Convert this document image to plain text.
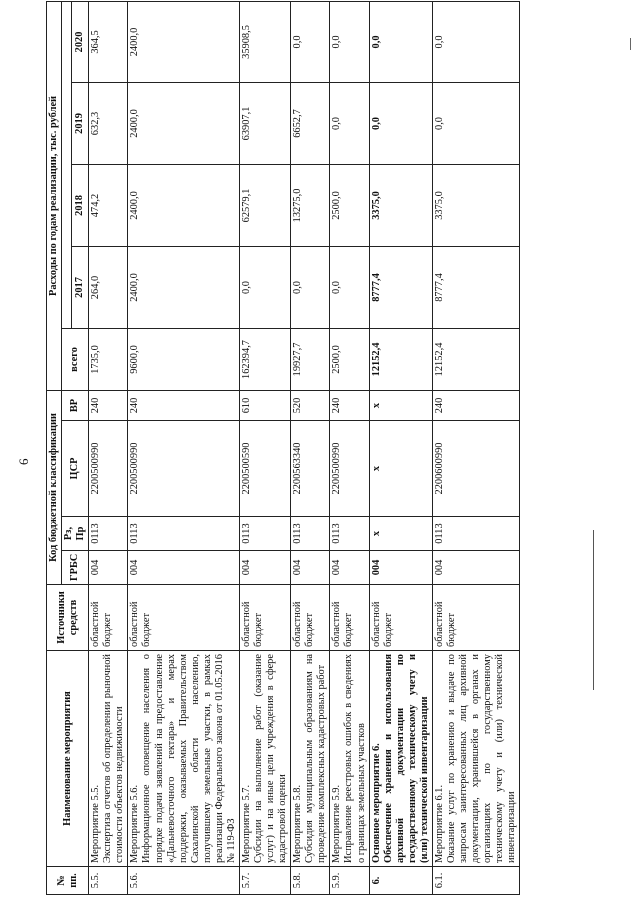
6
№ пп.	Наименование мероприятия	Источники средств	Код бюджетной классификации				Расходы по годам реализации, тыс. рублей				
			ГРБС	Рз, Пр	ЦСР	ВР	всего				
								2017	2018	2019	2020
5.5.	Мероприятие 5.5. Экспертиза отчетов об определении рыночной стоимости объектов недвижимости	областной бюджет	004	0113	2200500990	240	1735,0	264,0	474,2	632,3	364,5
5.6.	Мероприятие 5.6. Информационное оповещение населения о порядке подачи заявлений на предоставление «Дальневосточного гектара» и мерах поддержки, оказываемых Правительством Сахалинской области населению, получившему земельные участки, в рамках реализации Федерального закона от 01.05.2016 № 119-ФЗ	областной бюджет	004	0113	2200500990	240	9600,0	2400,0	2400,0	2400,0	2400,0
5.7.	Мероприятие 5.7. Субсидии на выполнение работ (оказание услуг) и на иные цели учреждения в сфере кадастровой оценки	областной бюджет	004	0113	2200500590	610	162394,7	0,0	62579,1	63907,1	35908,5
5.8.	Мероприятие 5.8. Субсидия муниципальным образованиям на проведение комплексных кадастровых работ	областной бюджет	004	0113	2200563340	520	19927,7	0,0	13275,0	6652,7	0,0
5.9.	Мероприятие 5.9. Исправление реестровых ошибок в сведениях о границах земельных участков	областной бюджет	004	0113	2200500990	240	2500,0	0,0	2500,0	0,0	0,0
6.	Основное мероприятие 6. Обеспечение хранения и использования архивной документации по государственному техническому учету и (или) технической инвентаризации	областной бюджет	004	x	x	x	12152,4	8777,4	3375,0	0,0	0,0
6.1.	Мероприятие 6.1. Оказание услуг по хранению и выдаче по запросам заинтересованных лиц архивной документации, хранившейся в органах и организациях по государственному техническому учету и (или) технической инвентаризации	областной бюджет	004	0113	2200600990	240	12152,4	8777,4	3375,0	0,0	0,0
